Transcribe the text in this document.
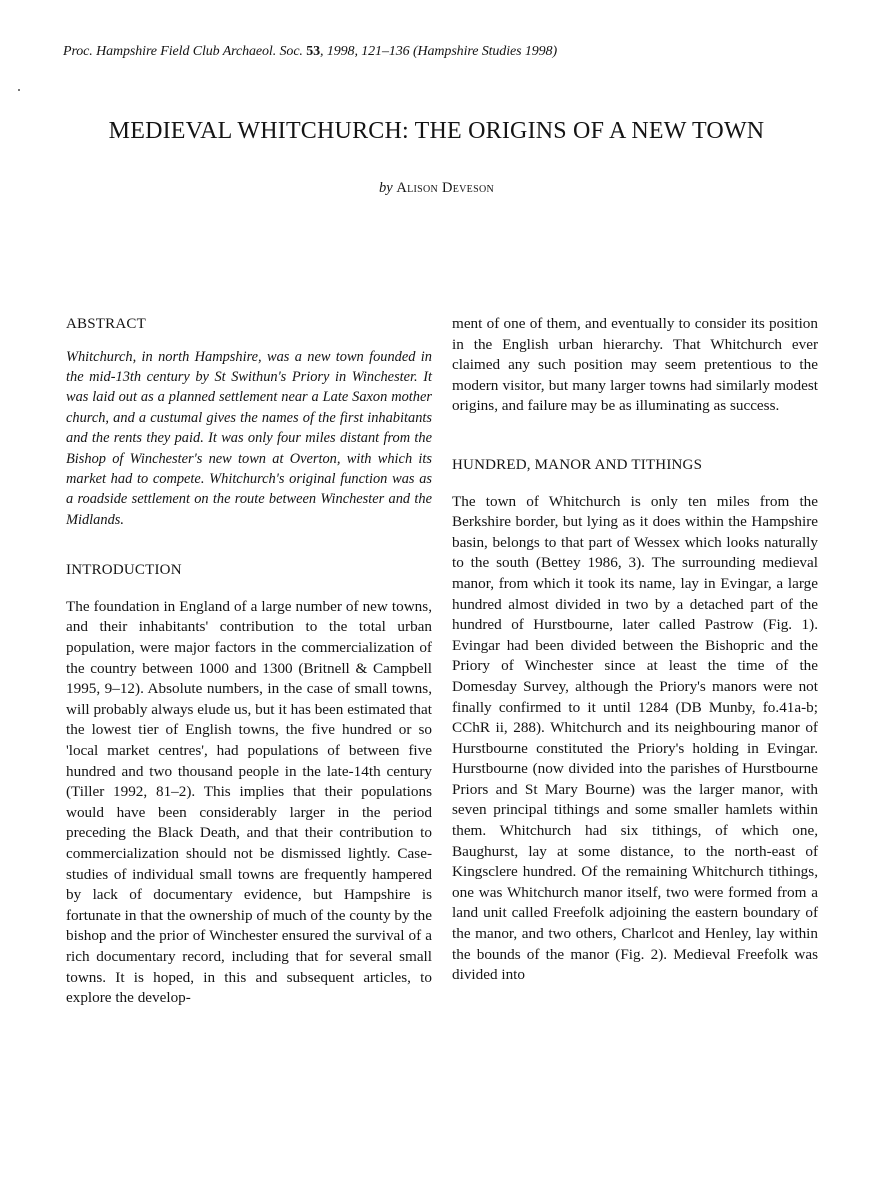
Proc. Hampshire Field Club Archaeol. Soc. 53, 1998, 121–136 (Hampshire Studies 1998)
MEDIEVAL WHITCHURCH: THE ORIGINS OF A NEW TOWN
by Alison Deveson
ABSTRACT

Whitchurch, in north Hampshire, was a new town founded in the mid-13th century by St Swithun's Priory in Winchester. It was laid out as a planned settlement near a Late Saxon mother church, and a custumal gives the names of the first inhabitants and the rents they paid. It was only four miles distant from the Bishop of Winchester's new town at Overton, with which its market had to compete. Whitchurch's original function was as a roadside settlement on the route between Winchester and the Midlands.

INTRODUCTION

The foundation in England of a large number of new towns, and their inhabitants' contribution to the total urban population, were major factors in the commercialization of the country between 1000 and 1300 (Britnell & Campbell 1995, 9–12). Absolute numbers, in the case of small towns, will probably always elude us, but it has been estimated that the lowest tier of English towns, the five hundred or so 'local market centres', had populations of between five hundred and two thousand people in the late-14th century (Tiller 1992, 81–2). This implies that their populations would have been considerably larger in the period preceding the Black Death, and that their contribution to commercialization should not be dismissed lightly. Case-studies of individual small towns are frequently hampered by lack of documentary evidence, but Hampshire is fortunate in that the ownership of much of the county by the bishop and the prior of Winchester ensured the survival of a rich documentary record, including that for several small towns. It is hoped, in this and subsequent articles, to explore the develop-

ment of one of them, and eventually to consider its position in the English urban hierarchy. That Whitchurch ever claimed any such position may seem pretentious to the modern visitor, but many larger towns had similarly modest origins, and failure may be as illuminating as success.

HUNDRED, MANOR AND TITHINGS

The town of Whitchurch is only ten miles from the Berkshire border, but lying as it does within the Hampshire basin, belongs to that part of Wessex which looks naturally to the south (Bettey 1986, 3). The surrounding medieval manor, from which it took its name, lay in Evingar, a large hundred almost divided in two by a detached part of the hundred of Hurstbourne, later called Pastrow (Fig. 1). Evingar had been divided between the Bishopric and the Priory of Winchester since at least the time of the Domesday Survey, although the Priory's manors were not finally confirmed to it until 1284 (DB Munby, fo.41a-b; CChR ii, 288). Whitchurch and its neighbouring manor of Hurstbourne constituted the Priory's holding in Evingar. Hurstbourne (now divided into the parishes of Hurstbourne Priors and St Mary Bourne) was the larger manor, with seven principal tithings and some smaller hamlets within them. Whitchurch had six tithings, of which one, Baughurst, lay at some distance, to the north-east of Kingsclere hundred. Of the remaining Whitchurch tithings, one was Whitchurch manor itself, two were formed from a land unit called Freefolk adjoining the eastern boundary of the manor, and two others, Charlcot and Henley, lay within the bounds of the manor (Fig. 2). Medieval Freefolk was divided into
